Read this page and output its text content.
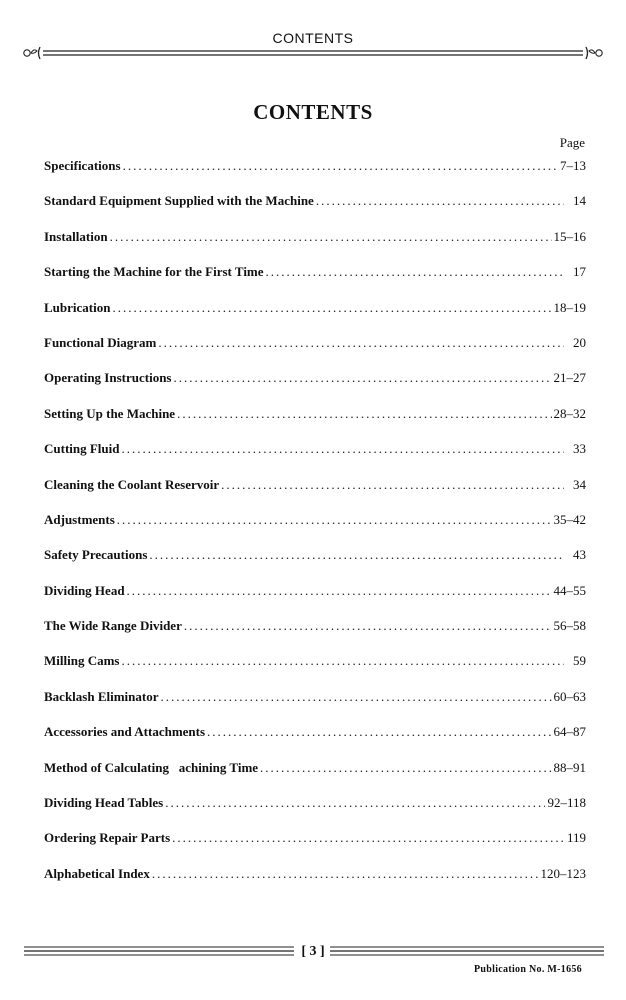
CONTENTS
CONTENTS
Page
Specifications .....	7–13
Standard Equipment Supplied with the Machine .....	14
Installation .....	15–16
Starting the Machine for the First Time .....	17
Lubrication .....	18–19
Functional Diagram .....	20
Operating Instructions .....	21–27
Setting Up the Machine .....	28–32
Cutting Fluid .....	33
Cleaning the Coolant Reservoir .....	34
Adjustments .....	35–42
Safety Precautions .....	43
Dividing Head .....	44–55
The Wide Range Divider .....	56–58
Milling Cams .....	59
Backlash Eliminator .....	60–63
Accessories and Attachments .....	64–87
Method of Calculating   achining Time .....	88–91
Dividing Head Tables .....	92–118
Ordering Repair Parts .....	119
Alphabetical Index .....	120–123
[ 3 ]
Publication No. M-1656
